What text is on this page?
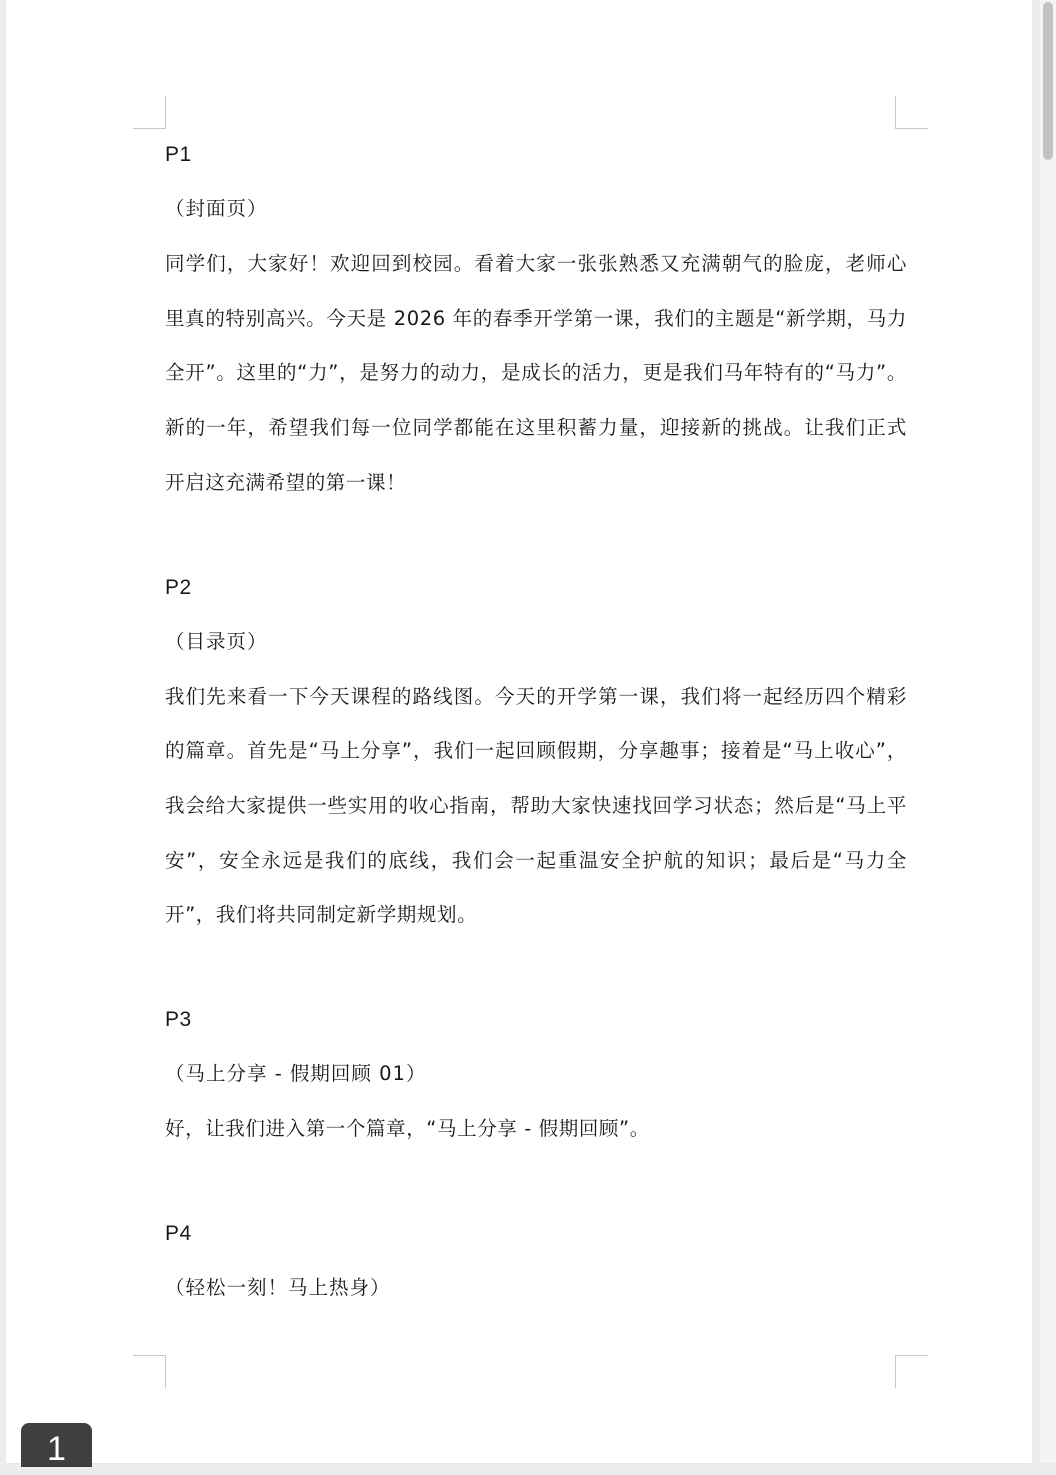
P1

（封面页）

同学们，大家好！欢迎回到校园。看着大家一张张熟悉又充满朝气的脸庞，老师心里真的特别高兴。今天是 2026 年的春季开学第一课，我们的主题是“新学期，马力全开”。这里的“力”，是努力的动力，是成长的活力，更是我们马年特有的“马力”。新的一年，希望我们每一位同学都能在这里积蓄力量，迎接新的挑战。让我们正式开启这充满希望的第一课！

P2

（目录页）

我们先来看一下今天课程的路线图。今天的开学第一课，我们将一起经历四个精彩的篇章。首先是“马上分享”，我们一起回顾假期，分享趣事；接着是“马上收心”，我会给大家提供一些实用的收心指南，帮助大家快速找回学习状态；然后是“马上平安”，安全永远是我们的底线，我们会一起重温安全护航的知识；最后是“马力全开”，我们将共同制定新学期规划。

P3

（马上分享 - 假期回顾 01）

好，让我们进入第一个篇章，“马上分享 - 假期回顾”。

P4

（轻松一刻！马上热身）

1
